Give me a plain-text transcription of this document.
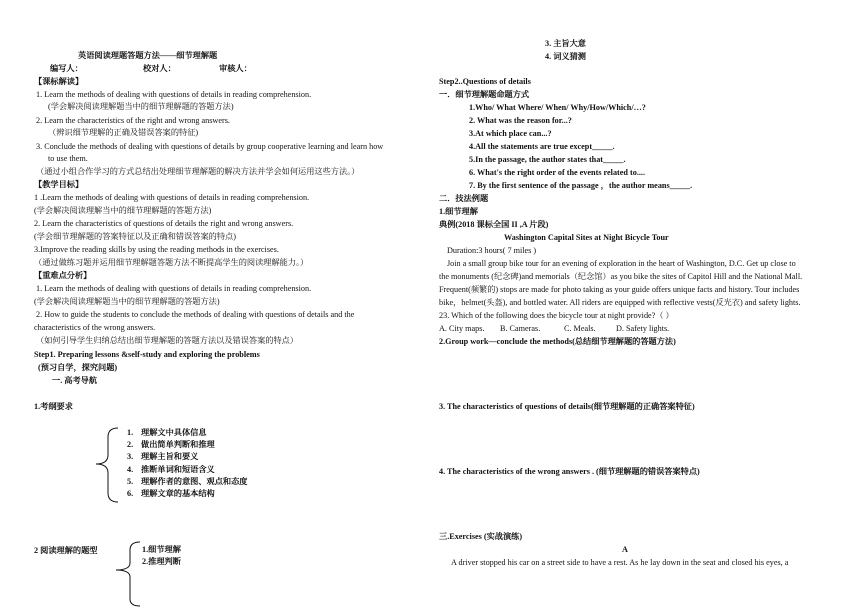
英语阅读理题答题方法——细节理解题
编写人：	校对人：	审核人：
【课标解读】
1. Learn the methods of dealing with questions of details in reading comprehension.
(学会解决阅读理解题当中的细节理解题的答题方法)
2. Learn the characteristics of the right and wrong answers.
（辨识细节理解的正确及错误答案的特征)
3. Conclude the methods of dealing with questions of details by group cooperative learning and learn how
to use them.
（通过小组合作学习的方式总结出处理细节理解题的解决方法并学会如何运用这些方法。）
【教学目标】
1 .Learn the methods of dealing with questions of details in reading comprehension.
(学会解决阅读理解当中的细节理解题的答题方法)
2. Learn the characteristics of questions of details the right and wrong answers.
(学会细节理解题的答案特征以及正确和错误答案的特点)
3.Improve the reading skills by using the reading methods in the exercises.
（通过做练习题并运用细节理解题答题方法不断提高学生的阅读理解能力。）
【重难点分析】
1. Learn the methods of dealing with questions of details in reading comprehension.
(学会解决阅读理解题当中的细节理解题的答题方法)
2. How to guide the students to conclude the methods of dealing with questions of details and the
characteristics of the wrong answers.
（如何引导学生归纳总结出细节理解题的答题方法以及错误答案的特点）
Step1. Preparing lessons &self-study and exploring the problems
(预习自学，探究问题)
一. 高考导航
1.考纲要求
1. 理解文中具体信息
2. 做出简单判断和推理
3. 理解主旨和要义
4. 推断单词和短语含义
5. 理解作者的意图、观点和态度
6. 理解文章的基本结构
2 阅读理解的题型	1.细节理解
2.推理判断
3. 主旨大意
4. 词义猜测
Step2..Questions of details
一．细节理解题命题方式
1.Who/ What Where/ When/ Why/How/Which/…?
2. What was the reason for...?
3.At which place can...?
4.All the statements are true except_____.
5.In the passage, the author states that_____.
6. What's the right order of the events related to....
7. By the first sentence of the passage ，the author means_____.
二．技法例题
1.细节理解
典例(2018 课标全国 II ,A 片段)
Washington Capital Sites at Night Bicycle Tour
Duration:3 hours( 7 miles )
Join a small group bike tour for an evening of exploration in the heart of Washington, D.C. Get up close to
the monuments (纪念碑)and memorials（纪念馆）as you bike the sites of Capitol Hill and the National Mall.
Frequent(频繁的) stops are made for photo taking as your guide offers unique facts and history. Tour includes
bike，helmet(头盔), and bottled water. All riders are equipped with reflective vests(反光衣) and safety lights.
23. Which of the following does the bicycle tour at night provide?（ ）
A. City maps. B. Cameras.	C. Meals. D. Safety lights.
2.Group work—conclude the methods(总结细节理解题的答题方法)
3. The characteristics of questions of details(细节理解题的正确答案特征)
4. The characteristics of the wrong answers . (细节理解题的错误答案特点)
三.Exercises (实战演练)
A
A driver stopped his car on a street side to have a rest. As he lay down in the seat and closed his eyes, a
